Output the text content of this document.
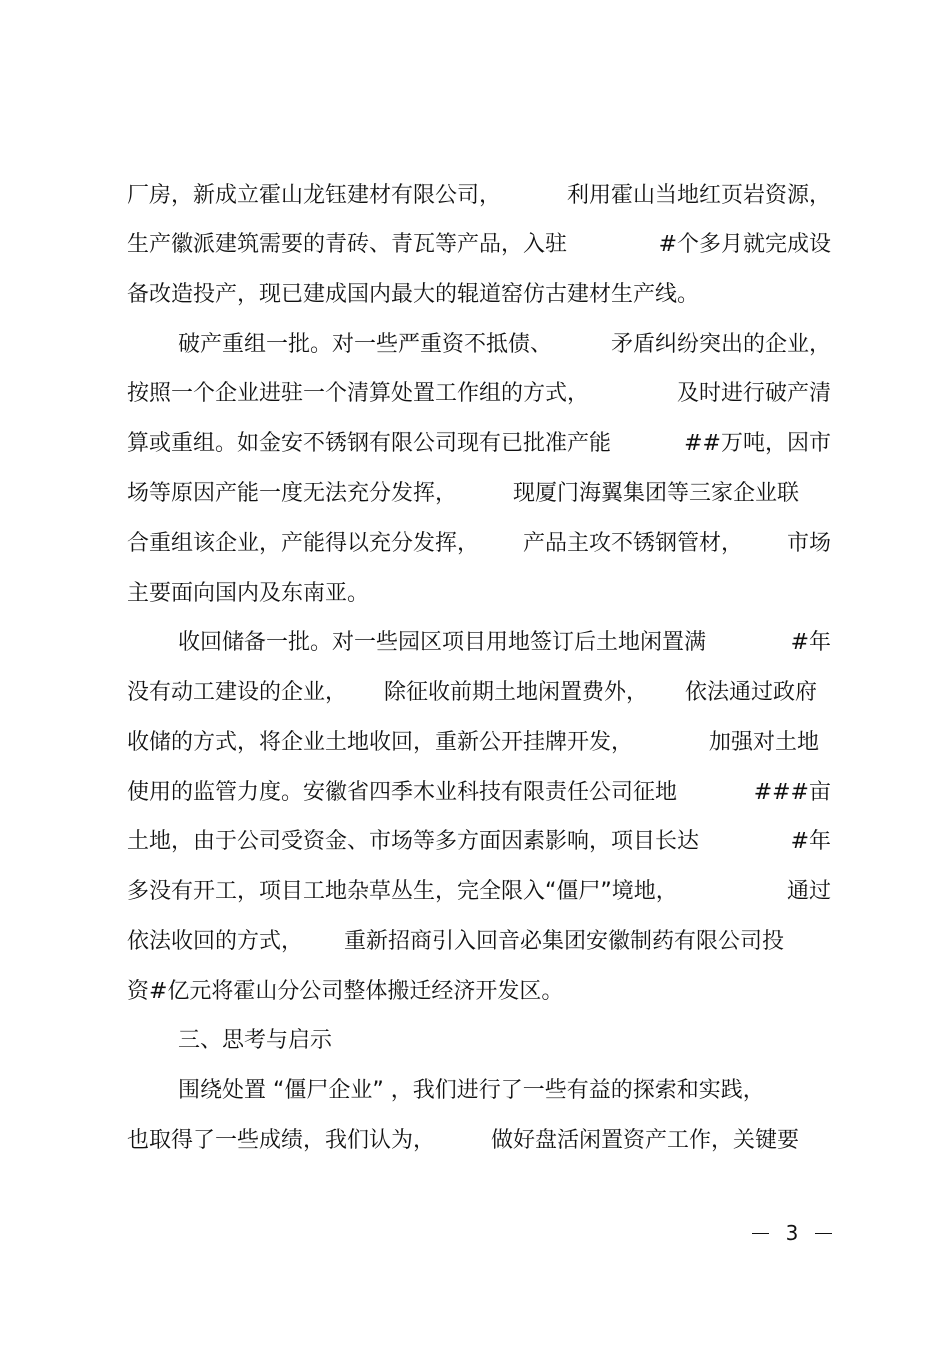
厂房，新成立霍山龙钰建材有限公司，	利用霍山当地红页岩资源，
生产徽派建筑需要的青砖、青瓦等产品，入驻	#个多月就完成设
备改造投产，现已建成国内最大的辊道窑仿古建材生产线。
破产重组一批。对一些严重资不抵债、	矛盾纠纷突出的企业，
按照一个企业进驻一个清算处置工作组的方式，	及时进行破产清
算或重组。如金安不锈钢有限公司现有已批准产能	##万吨，因市
场等原因产能一度无法充分发挥，	现厦门海翼集团等三家企业联
合重组该企业，产能得以充分发挥， 产品主攻不锈钢管材， 市场
主要面向国内及东南亚。
收回储备一批。对一些园区项目用地签订后土地闲置满	#年
没有动工建设的企业， 除征收前期土地闲置费外， 依法通过政府
收储的方式，将企业土地收回，重新公开挂牌开发，	加强对土地
使用的监管力度。安徽省四季木业科技有限责任公司征地	###亩
土地，由于公司受资金、市场等多方面因素影响，项目长达	#年
多没有开工，项目工地杂草丛生，完全限入“僵尸”境地，	通过
依法收回的方式， 重新招商引入回音必集团安徽制药有限公司投
资#亿元将霍山分公司整体搬迁经济开发区。
三、思考与启示
围绕处置 “僵尸企业” ，我们进行了一些有益的探索和实践，
也取得了一些成绩，我们认为，	做好盘活闲置资产工作，关键要
3
